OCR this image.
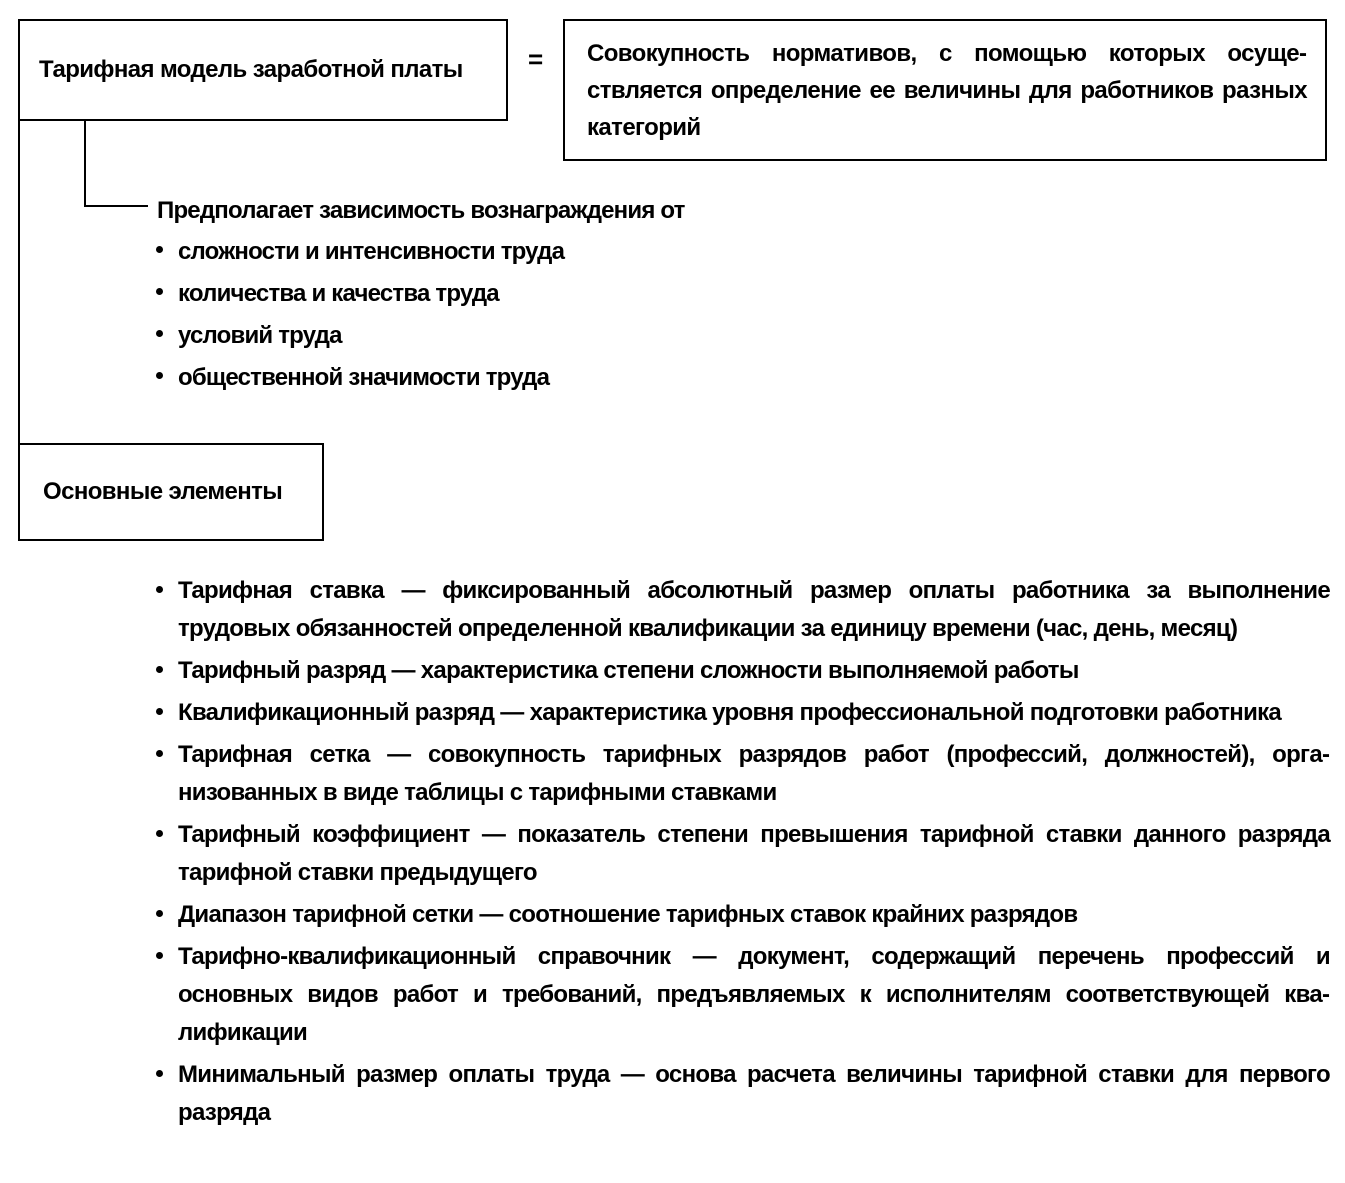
Тарифная модель заработной платы	=	Совокупность нормативов, с помощью которых осуществляется определение ее величины для работников разных категорий
Предполагает зависимость вознаграждения от
сложности и интенсивности труда
количества и качества труда
условий труда
общественной значимости труда
Основные элементы
Тарифная ставка — фиксированный абсолютный размер оплаты работника за выполнение трудовых обязанностей определенной квалификации за единицу времени (час, день, месяц)
Тарифный разряд — характеристика степени сложности выполняемой работы
Квалификационный разряд — характеристика уровня профессиональной подготовки работника
Тарифная сетка — совокупность тарифных разрядов работ (профессий, должностей), организованных в виде таблицы с тарифными ставками
Тарифный коэффициент — показатель степени превышения тарифной ставки данного разряда тарифной ставки предыдущего
Диапазон тарифной сетки — соотношение тарифных ставок крайних разрядов
Тарифно-квалификационный справочник — документ, содержащий перечень профессий и основных видов работ и требований, предъявляемых к исполнителям соответствующей квалификации
Минимальный размер оплаты труда — основа расчета величины тарифной ставки для первого разряда
